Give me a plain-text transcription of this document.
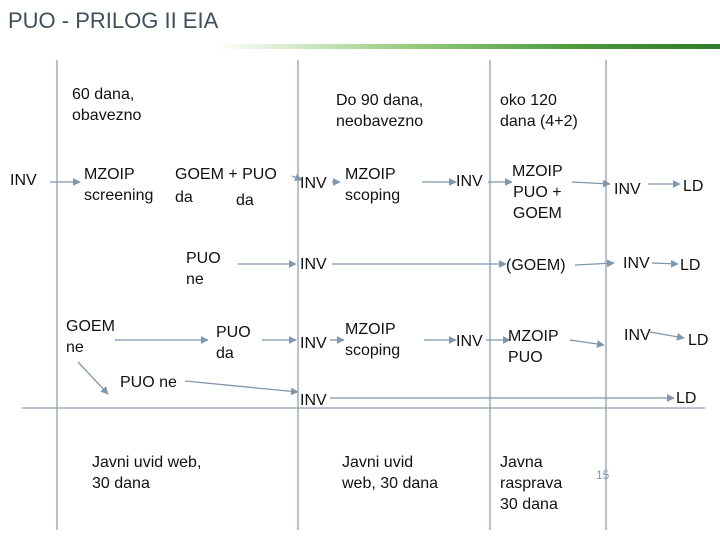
PUO - PRILOG II EIA
60 dana,
obavezno
Do 90 dana,
neobavezno
oko 120
dana (4+2)
INV	MZOIP
screening
GOEM + PUO
da	da
INV
MZOIP
scoping
INV
MZOIP
PUO +
GOEM
INV	LD
PUO
ne
INV	(GOEM)	INV LD
GOEM
ne
PUO
da
INV
MZOIP
scoping
INV MZOIP
PUO
INV LD
PUO ne
INV	LD
Javni uvid web,
30 dana
Javni uvid
web, 30 dana
Javna
rasprava
30 dana
15
